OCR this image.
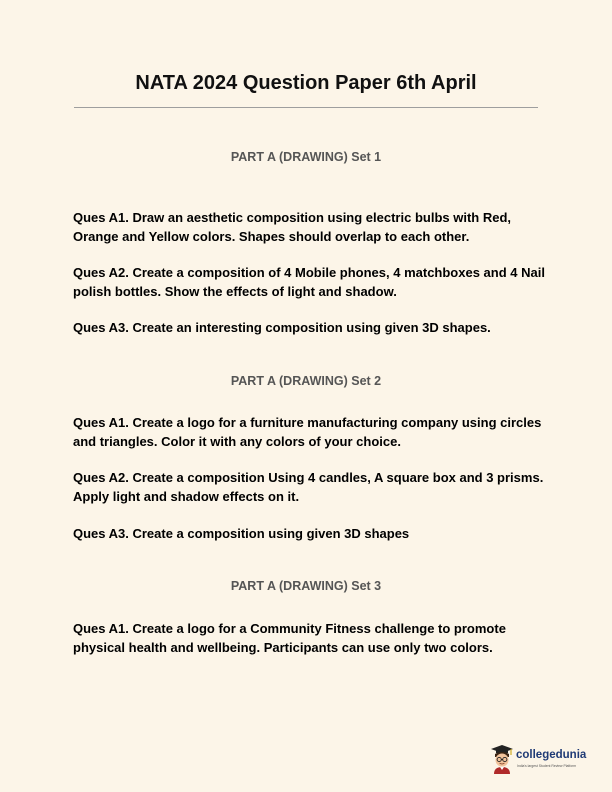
NATA 2024 Question Paper 6th April
PART A (DRAWING) Set 1

Ques A1. Draw an aesthetic composition using electric bulbs with Red, Orange and Yellow colors. Shapes should overlap to each other.

Ques A2. Create a composition of 4 Mobile phones, 4 matchboxes and 4 Nail polish bottles. Show the effects of light and shadow.

Ques A3. Create an interesting composition using given 3D shapes.

PART A (DRAWING) Set 2

Ques A1. Create a logo for a furniture manufacturing company using circles and triangles. Color it with any colors of your choice.

Ques A2. Create a composition Using 4 candles, A square box and 3 prisms. Apply light and shadow effects on it.

Ques A3. Create a composition using given 3D shapes

PART A (DRAWING) Set 3

Ques A1. Create a logo for a Community Fitness challenge to promote physical health and wellbeing. Participants can use only two colors.

collegedunia
India's largest Student Review Platform
